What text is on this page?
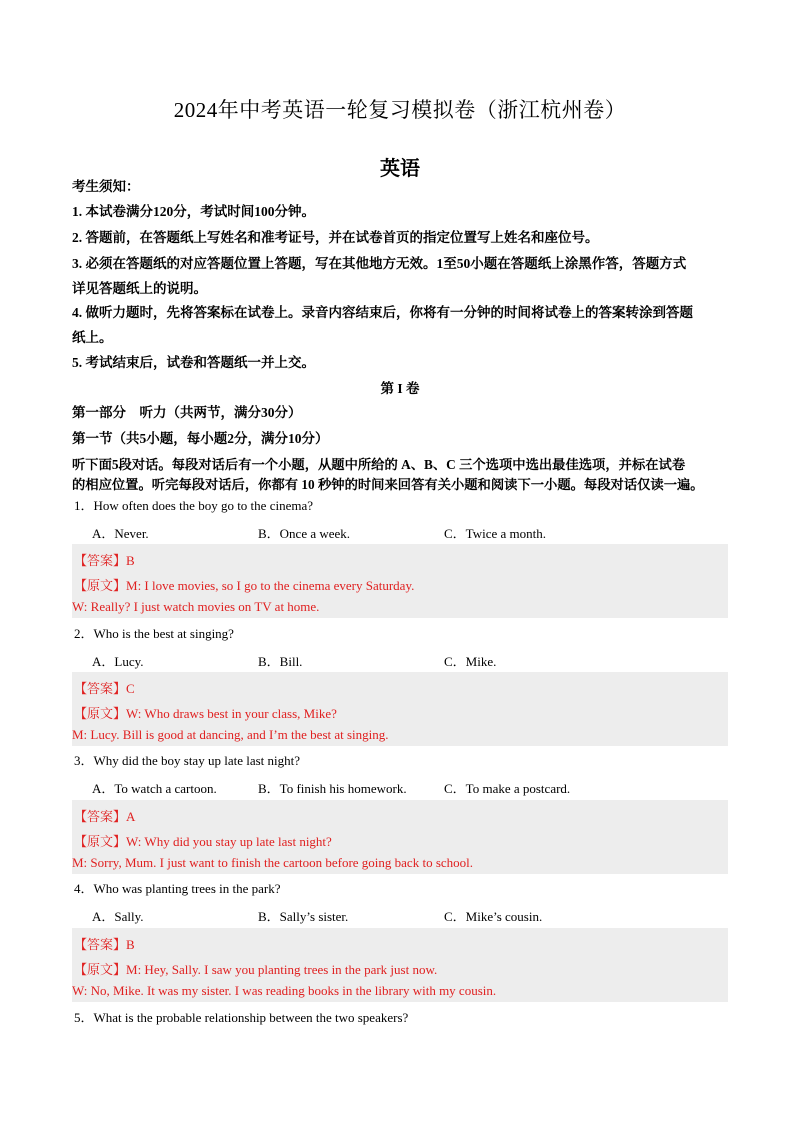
2024年中考英语一轮复习模拟卷（浙江杭州卷）
英语
考生须知：
1. 本试卷满分120分，考试时间100分钟。
2. 答题前，在答题纸上写姓名和准考证号，并在试卷首页的指定位置写上姓名和座位号。
3. 必须在答题纸的对应答题位置上答题，写在其他地方无效。1至50小题在答题纸上涂黑作答，答题方式
详见答题纸上的说明。
4. 做听力题时，先将答案标在试卷上。录音内容结束后，你将有一分钟的时间将试卷上的答案转涂到答题
纸上。
5. 考试结束后，试卷和答题纸一并上交。
第 I 卷
第一部分　听力（共两节，满分30分）
第一节（共5小题，每小题2分，满分10分）
听下面5段对话。每段对话后有一个小题，从题中所给的 A、B、C 三个选项中选出最佳选项，并标在试卷
的相应位置。听完每段对话后，你都有 10 秒钟的时间来回答有关小题和阅读下一小题。每段对话仅读一遍。
1．How often does the boy go to the cinema?
A．Never.	B．Once a week.	C．Twice a month.
【答案】B
【原文】M: I love movies, so I go to the cinema every Saturday.
W: Really? I just watch movies on TV at home.
2．Who is the best at singing?
A．Lucy.	B．Bill.	C．Mike.
【答案】C
【原文】W: Who draws best in your class, Mike?
M: Lucy. Bill is good at dancing, and I’m the best at singing.
3．Why did the boy stay up late last night?
A．To watch a cartoon.	B．To finish his homework.	C．To make a postcard.
【答案】A
【原文】W: Why did you stay up late last night?
M: Sorry, Mum. I just want to finish the cartoon before going back to school.
4．Who was planting trees in the park?
A．Sally.	B．Sally’s sister.	C．Mike’s cousin.
【答案】B
【原文】M: Hey, Sally. I saw you planting trees in the park just now.
W: No, Mike. It was my sister. I was reading books in the library with my cousin.
5．What is the probable relationship between the two speakers?
